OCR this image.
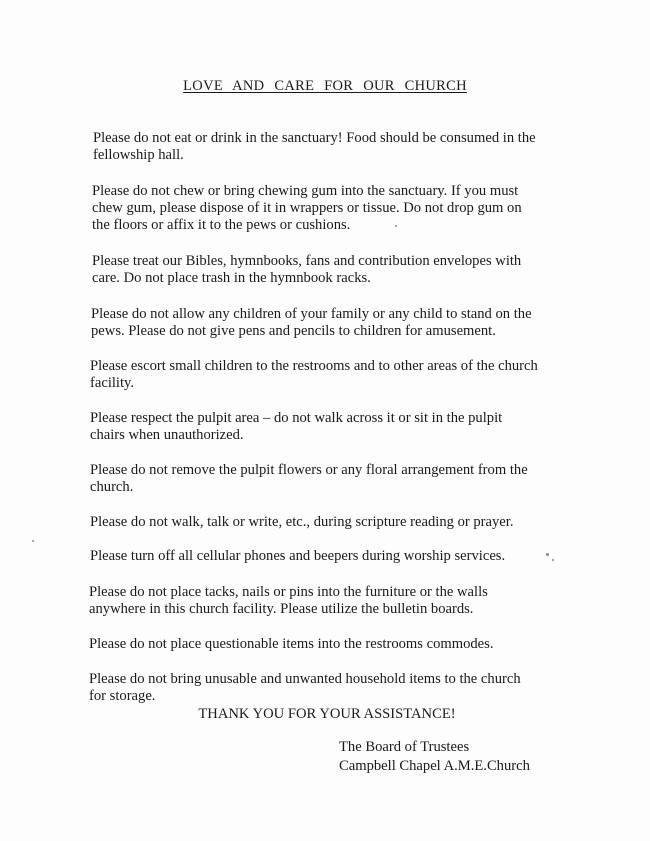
LOVE AND CARE FOR OUR CHURCH
Please do not eat or drink in the sanctuary! Food should be consumed in the
fellowship hall.
Please do not chew or bring chewing gum into the sanctuary. If you must
chew gum, please dispose of it in wrappers or tissue. Do not drop gum on
the floors or affix it to the pews or cushions.
Please treat our Bibles, hymnbooks, fans and contribution envelopes with
care. Do not place trash in the hymnbook racks.
Please do not allow any children of your family or any child to stand on the
pews. Please do not give pens and pencils to children for amusement.
Please escort small children to the restrooms and to other areas of the church
facility.
Please respect the pulpit area – do not walk across it or sit in the pulpit
chairs when unauthorized.
Please do not remove the pulpit flowers or any floral arrangement from the
church.
Please do not walk, talk or write, etc., during scripture reading or prayer.
Please turn off all cellular phones and beepers during worship services.
Please do not place tacks, nails or pins into the furniture or the walls
anywhere in this church facility. Please utilize the bulletin boards.
Please do not place questionable items into the restrooms commodes.
Please do not bring unusable and unwanted household items to the church
for storage.
THANK YOU FOR YOUR ASSISTANCE!
The Board of Trustees
Campbell Chapel A.M.E.Church
